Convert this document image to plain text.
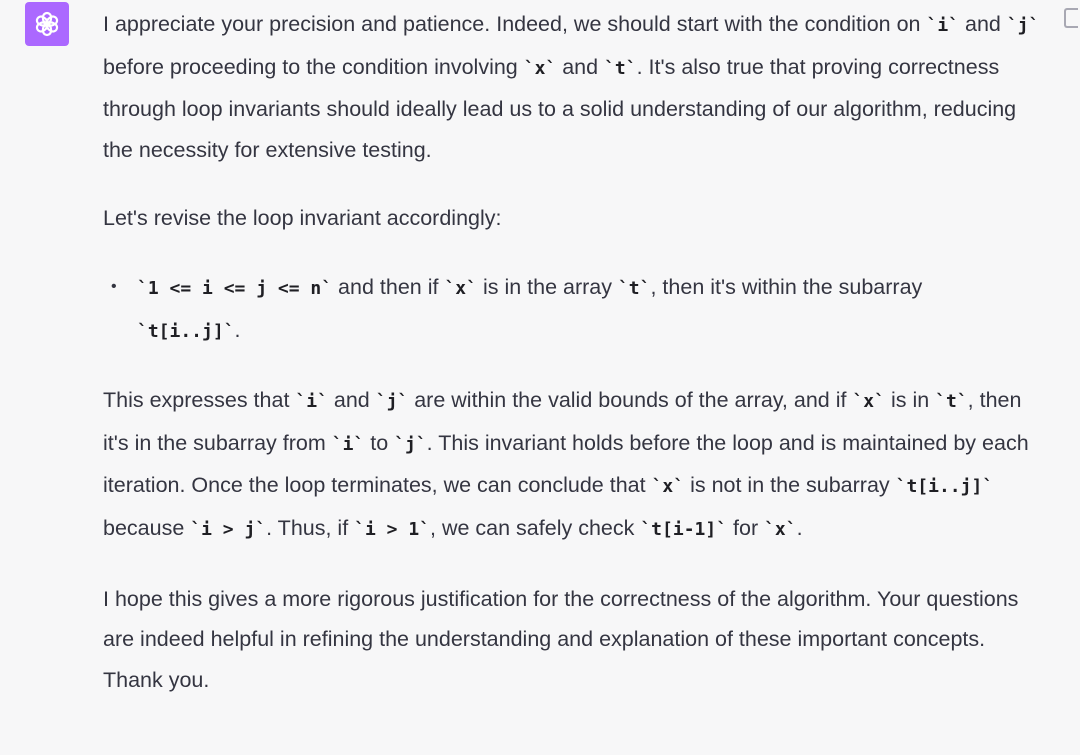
I appreciate your precision and patience. Indeed, we should start with the condition on `i` and `j` before proceeding to the condition involving `x` and `t`. It's also true that proving correctness through loop invariants should ideally lead us to a solid understanding of our algorithm, reducing the necessity for extensive testing.

Let's revise the loop invariant accordingly:

• `1 <= i <= j <= n` and then if `x` is in the array `t`, then it's within the subarray
`t[i..j]`.

This expresses that `i` and `j` are within the valid bounds of the array, and if `x` is in `t`, then it's in the subarray from `i` to `j`. This invariant holds before the loop and is maintained by each iteration. Once the loop terminates, we can conclude that `x` is not in the subarray `t[i..j]` because `i > j`. Thus, if `i > 1`, we can safely check `t[i-1]` for `x`.

I hope this gives a more rigorous justification for the correctness of the algorithm. Your questions are indeed helpful in refining the understanding and explanation of these important concepts. Thank you.
